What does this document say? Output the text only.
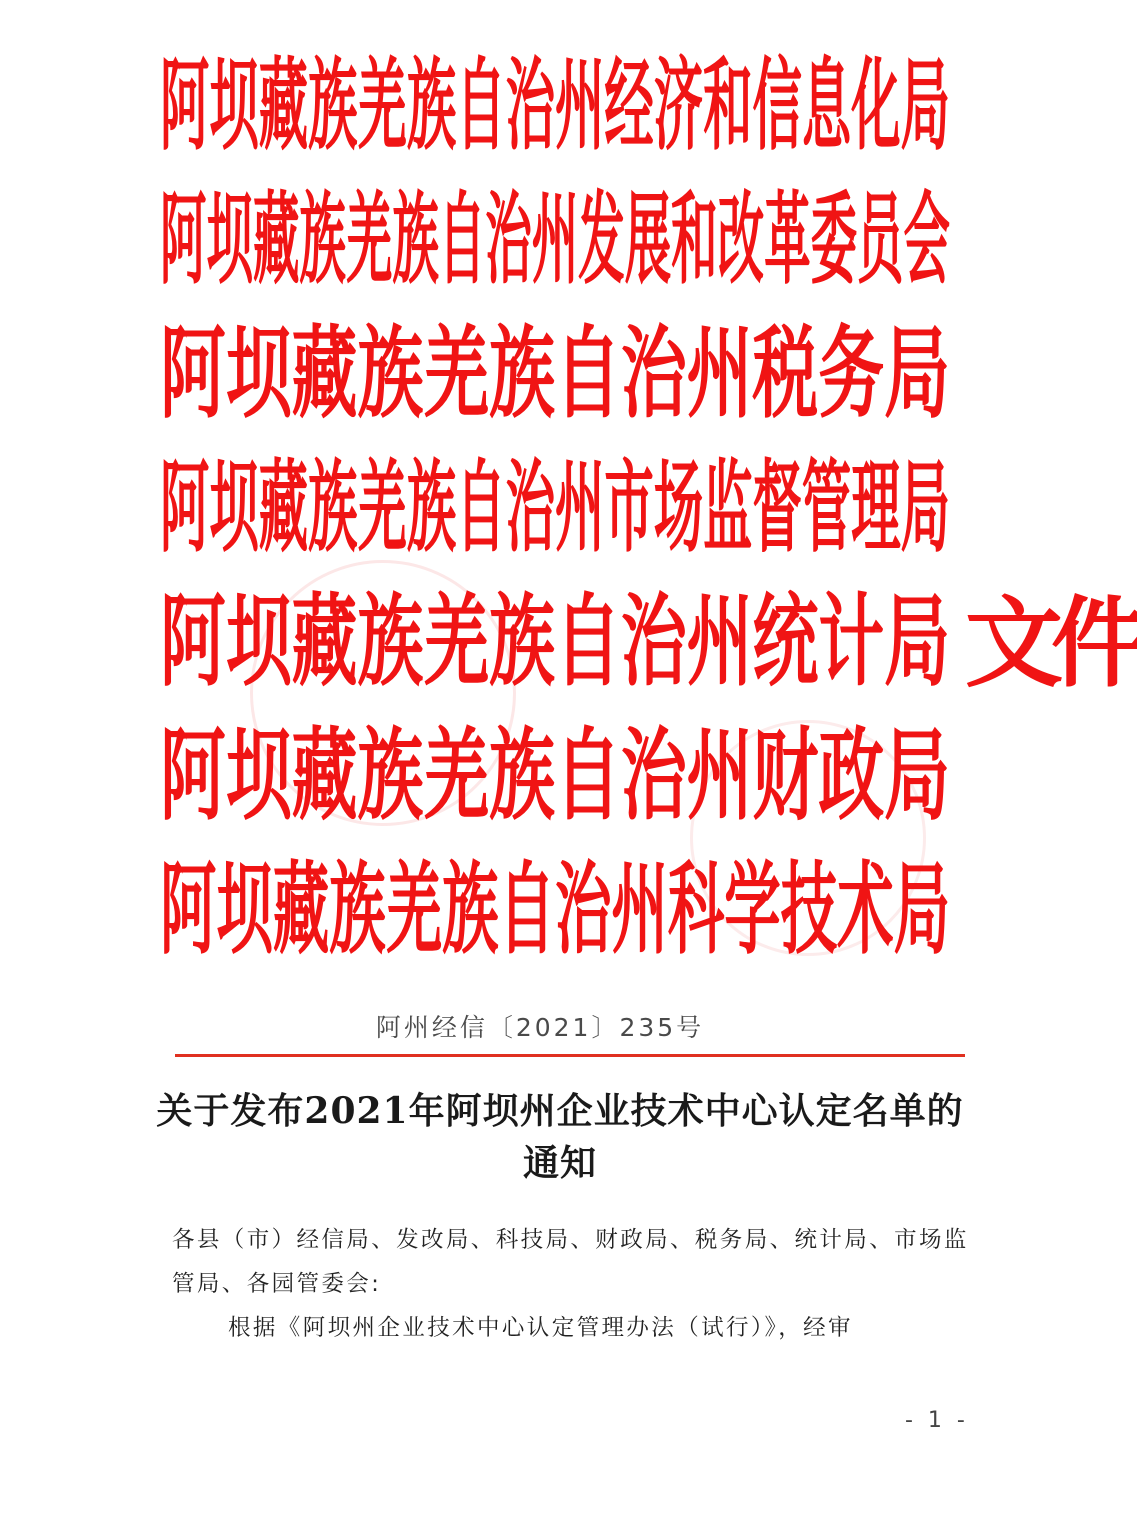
阿坝藏族羌族自治州经济和信息化局
阿坝藏族羌族自治州发展和改革委员会
阿坝藏族羌族自治州税务局
阿坝藏族羌族自治州市场监督管理局
阿坝藏族羌族自治州统计局
阿坝藏族羌族自治州财政局
阿坝藏族羌族自治州科学技术局
文件
阿州经信〔2021〕235号
关于发布2021年阿坝州企业技术中心认定名单的通知

各县（市）经信局、发改局、科技局、财政局、税务局、统计局、市场监管局、各园管委会:

根据《阿坝州企业技术中心认定管理办法（试行）》，经审

- 1 -
